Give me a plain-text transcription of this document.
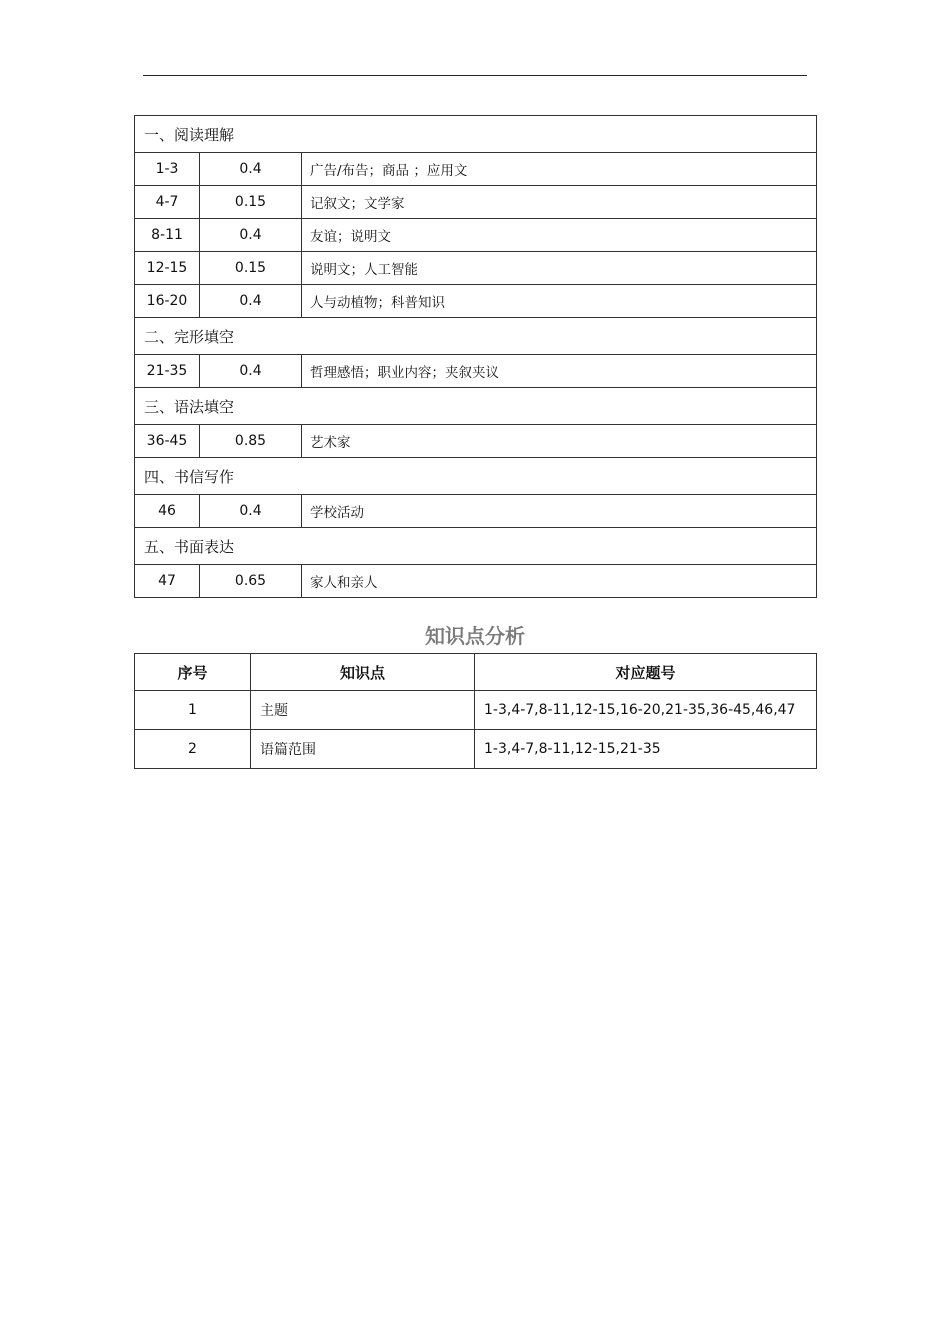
一、阅读理解		
1-3	0.4	广告/布告；商品 ；应用文
4-7	0.15	记叙文；文学家
8-11	0.4	友谊；说明文
12-15	0.15	说明文；人工智能
16-20	0.4	人与动植物；科普知识
二、完形填空		
21-35	0.4	哲理感悟；职业内容；夹叙夹议
三、语法填空		
36-45	0.85	艺术家
四、书信写作		
46	0.4	学校活动
五、书面表达		
47	0.65	家人和亲人
知识点分析
序号	知识点	对应题号
1	主题	1-3,4-7,8-11,12-15,16-20,21-35,36-45,46,47
2	语篇范围	1-3,4-7,8-11,12-15,21-35
